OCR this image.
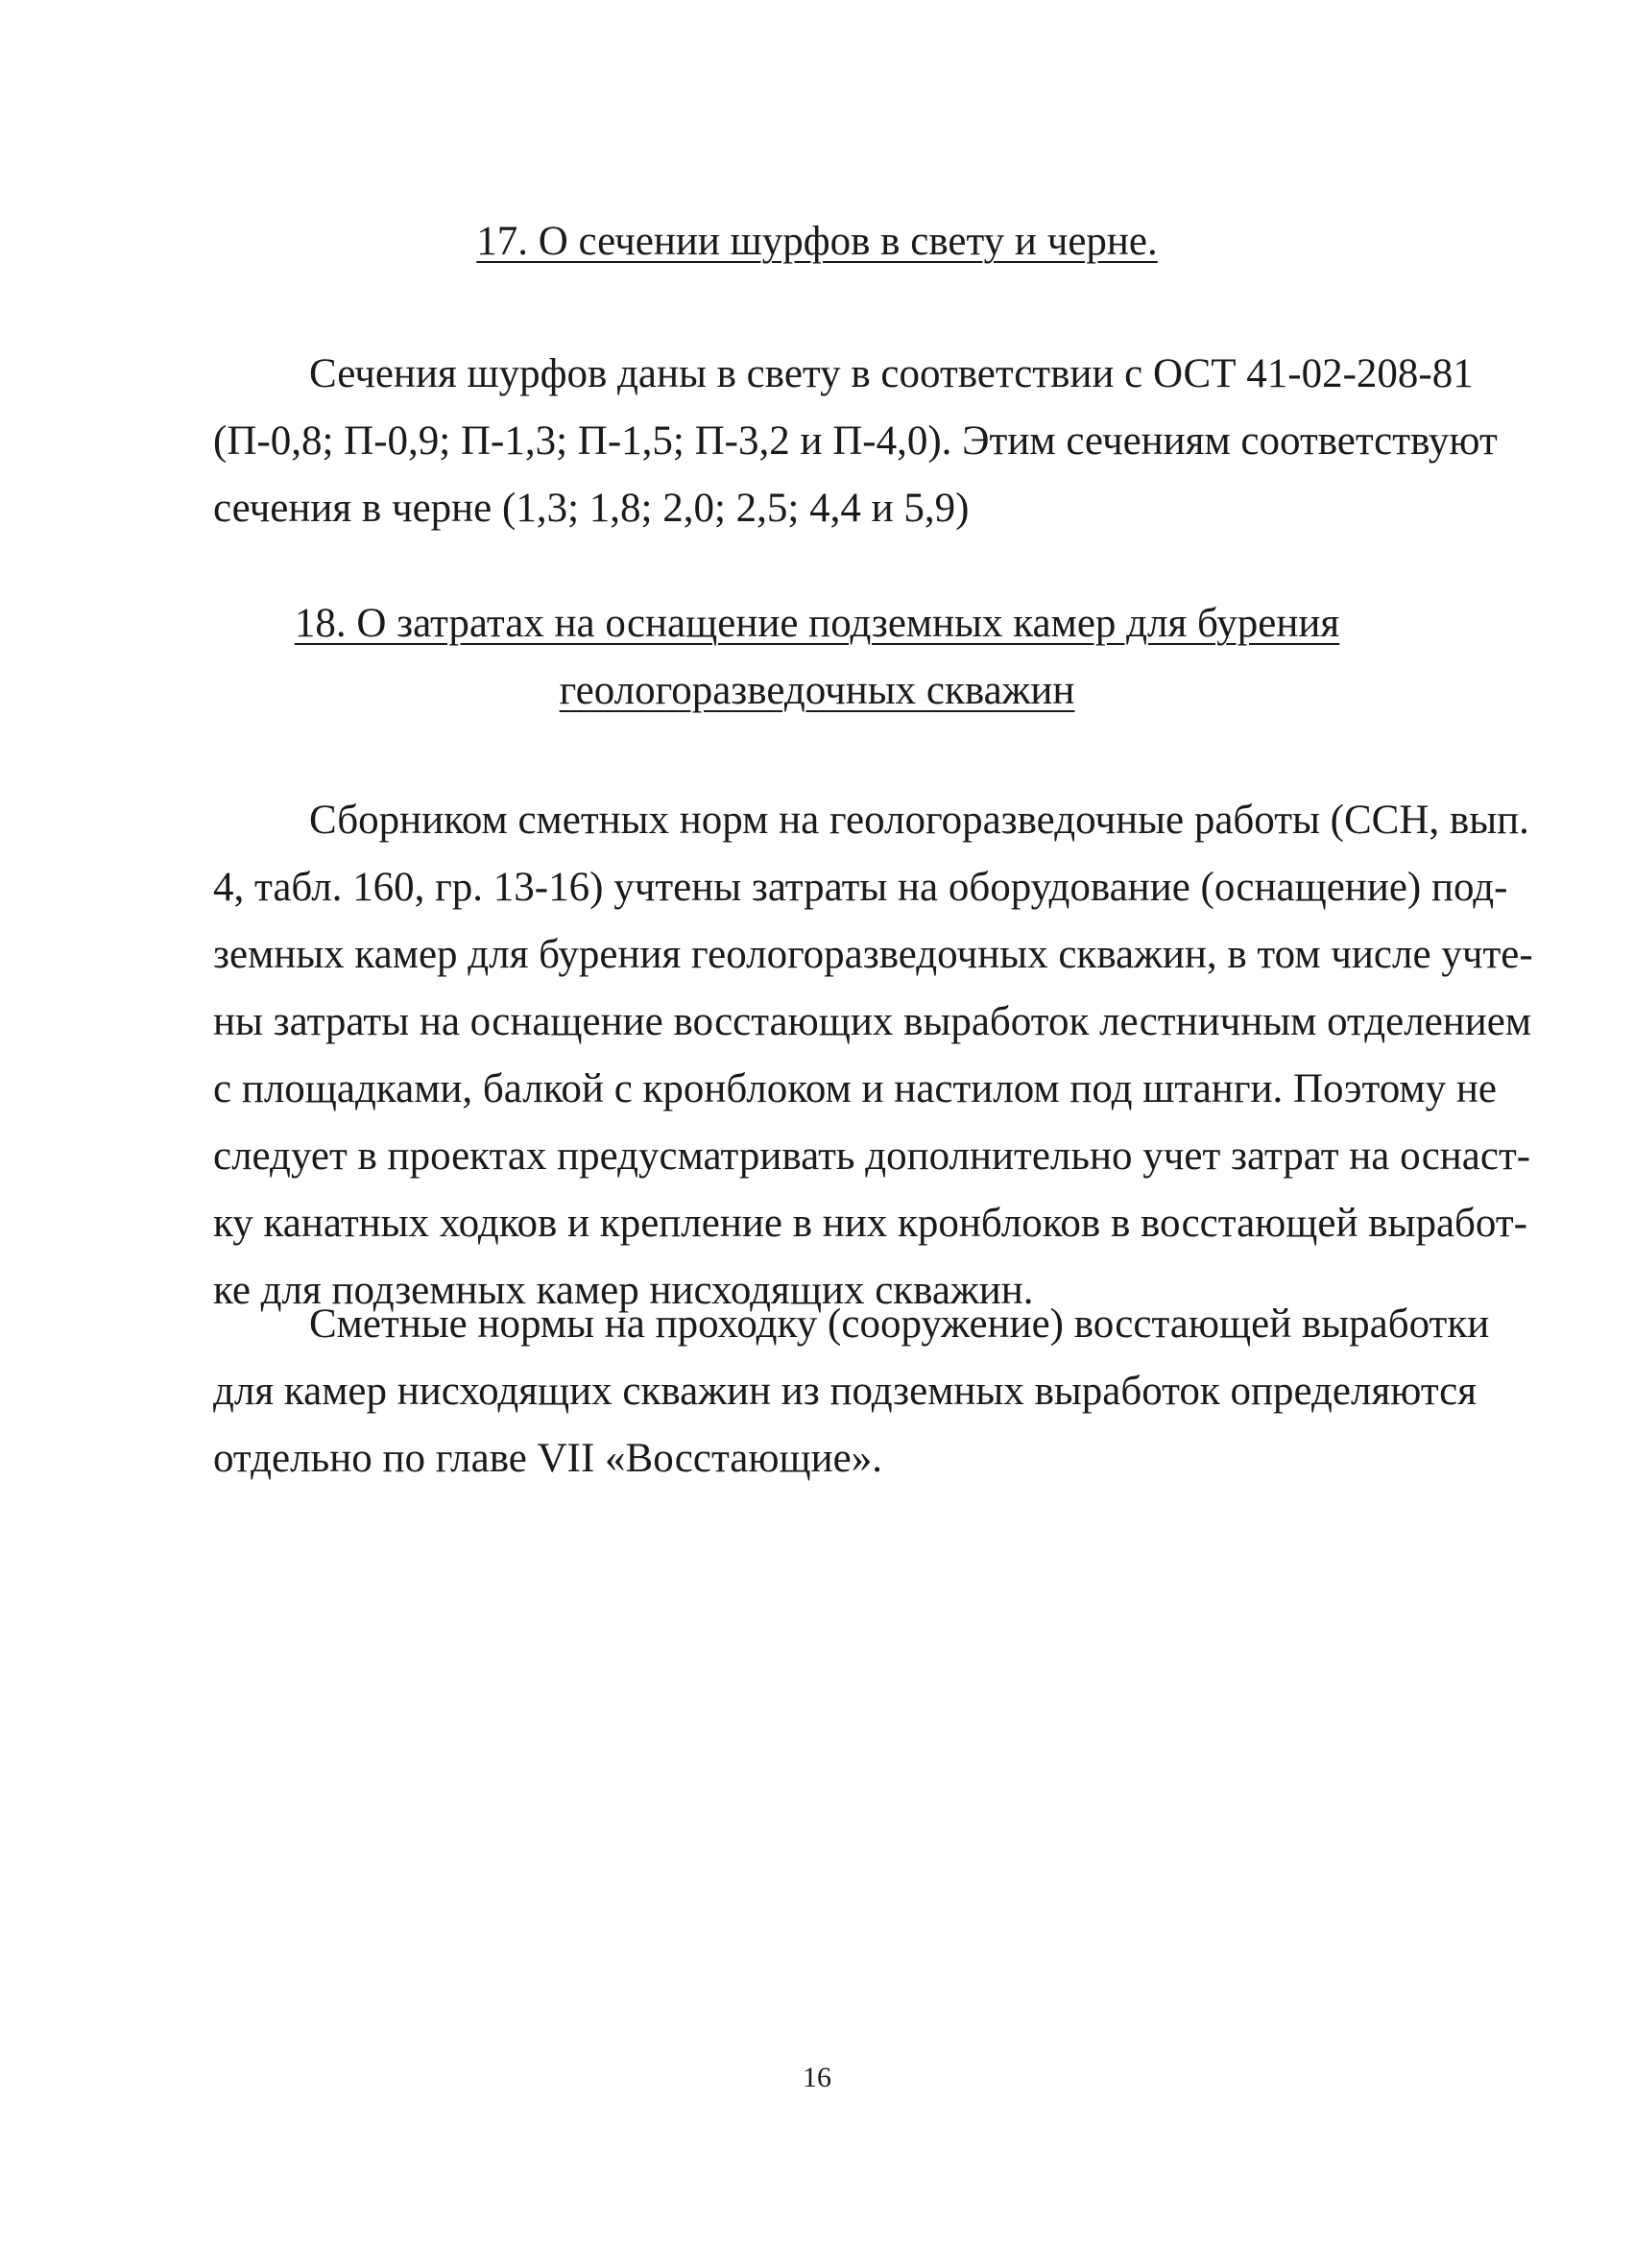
17. О сечении шурфов в свету и черне.
Сечения шурфов даны в свету в соответствии с ОСТ 41-02-208-81
(П-0,8; П-0,9; П-1,3; П-1,5; П-3,2 и П-4,0). Этим сечениям соответствуют
сечения в черне (1,3; 1,8; 2,0; 2,5; 4,4 и 5,9)
18. О затратах на оснащение подземных камер для бурения
геологоразведочных скважин
Сборником сметных норм на геологоразведочные работы (ССН, вып.
4, табл. 160, гр. 13-16) учтены затраты на оборудование (оснащение) под-
земных камер для бурения геологоразведочных скважин, в том числе учте-
ны затраты на оснащение восстающих выработок лестничным отделением
с площадками, балкой с кронблоком и настилом под штанги. Поэтому не
следует в проектах предусматривать дополнительно учет затрат на оснаст-
ку канатных ходков и крепление в них кронблоков в восстающей выработ-
ке для подземных камер нисходящих скважин.
Сметные нормы на проходку (сооружение) восстающей выработки
для камер нисходящих скважин из подземных выработок определяются
отдельно по главе VII «Восстающие».
16
